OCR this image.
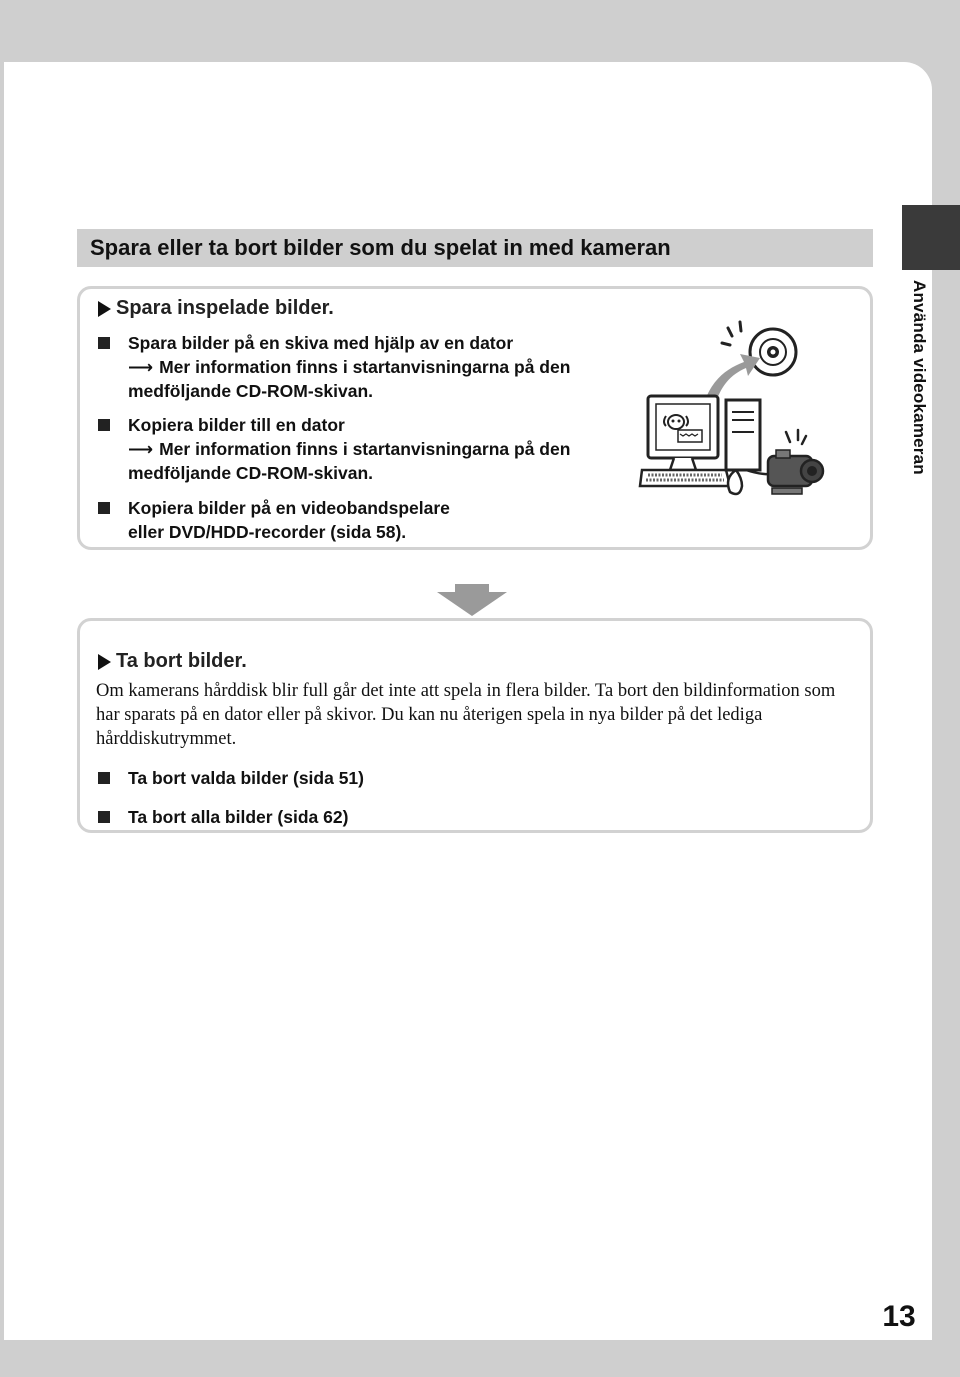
Använda videokameran
Spara eller ta bort bilder som du spelat in med kameran
Spara inspelade bilder.
Spara bilder på en skiva med hjälp av en dator
⟶ Mer information finns i startanvisningarna på den
medföljande CD-ROM-skivan.
Kopiera bilder till en dator
⟶ Mer information finns i startanvisningarna på den
medföljande CD-ROM-skivan.
Kopiera bilder på en videobandspelare
eller DVD/HDD-recorder (sida 58).
Ta bort bilder.
Om kamerans hårddisk blir full går det inte att spela in flera bilder. Ta bort den bildinformation som har sparats på en dator eller på skivor. Du kan nu återigen spela in nya bilder på det lediga hårddiskutrymmet.
Ta bort valda bilder (sida 51)
Ta bort alla bilder (sida 62)
13
